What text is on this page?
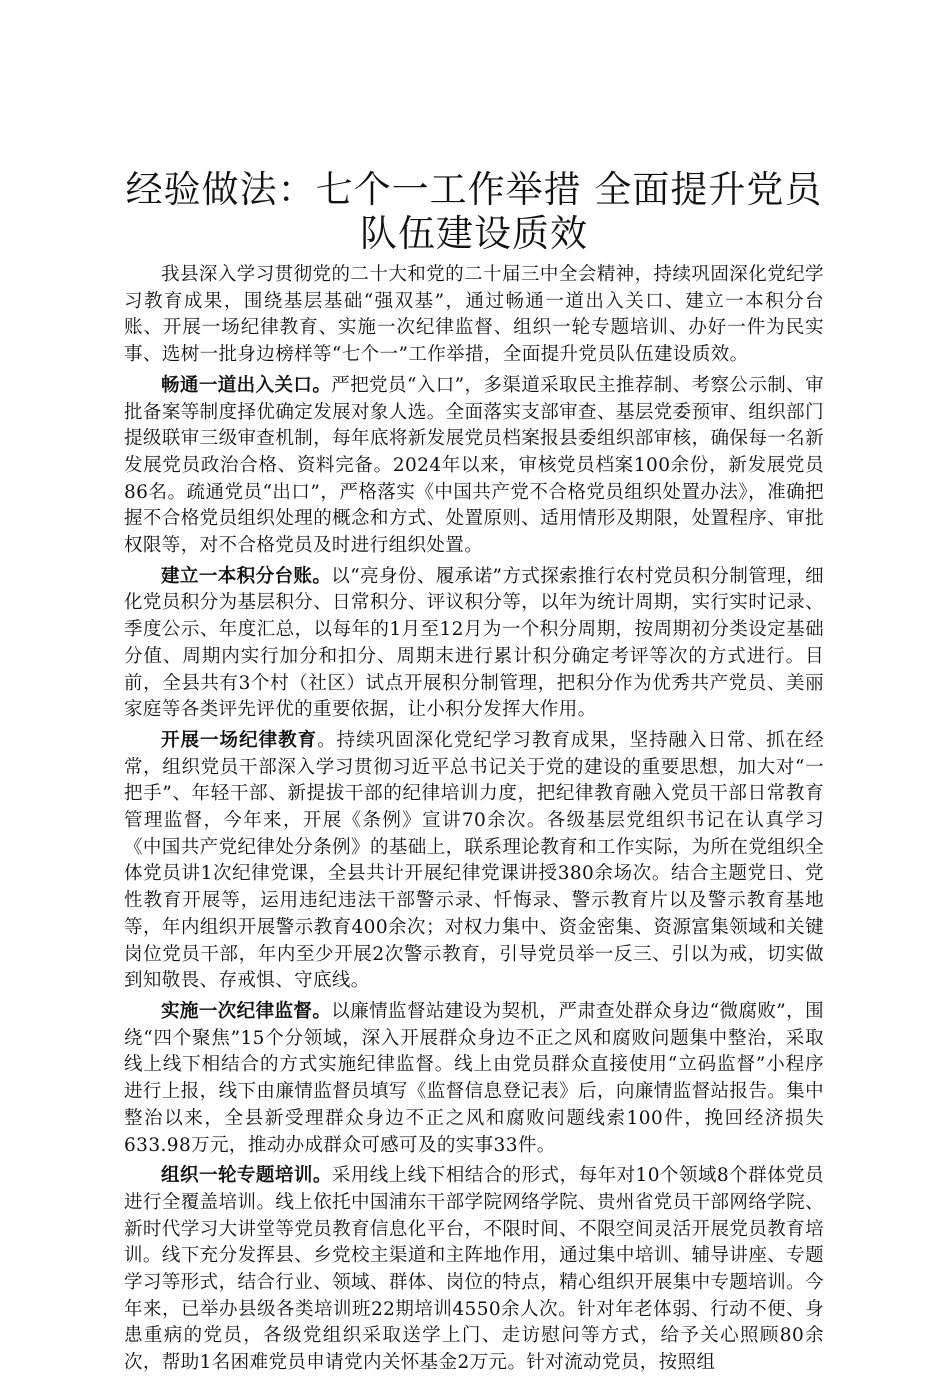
经验做法：七个一工作举措 全面提升党员队伍建设质效

我县深入学习贯彻党的二十大和党的二十届三中全会精神，持续巩固深化党纪学习教育成果，围绕基层基础“强双基”，通过畅通一道出入关口、建立一本积分台账、开展一场纪律教育、实施一次纪律监督、组织一轮专题培训、办好一件为民实事、选树一批身边榜样等“七个一”工作举措，全面提升党员队伍建设质效。

畅通一道出入关口。严把党员“入口”，多渠道采取民主推荐制、考察公示制、审批备案等制度择优确定发展对象人选。全面落实支部审查、基层党委预审、组织部门提级联审三级审查机制，每年底将新发展党员档案报县委组织部审核，确保每一名新发展党员政治合格、资料完备。2024年以来，审核党员档案100余份，新发展党员86名。疏通党员“出口”，严格落实《中国共产党不合格党员组织处置办法》，准确把握不合格党员组织处理的概念和方式、处置原则、适用情形及期限，处置程序、审批权限等，对不合格党员及时进行组织处置。

建立一本积分台账。以“亮身份、履承诺”方式探索推行农村党员积分制管理，细化党员积分为基层积分、日常积分、评议积分等，以年为统计周期，实行实时记录、季度公示、年度汇总，以每年的1月至12月为一个积分周期，按周期初分类设定基础分值、周期内实行加分和扣分、周期末进行累计积分确定考评等次的方式进行。目前，全县共有3个村（社区）试点开展积分制管理，把积分作为优秀共产党员、美丽家庭等各类评先评优的重要依据，让小积分发挥大作用。

开展一场纪律教育。持续巩固深化党纪学习教育成果，坚持融入日常、抓在经常，组织党员干部深入学习贯彻习近平总书记关于党的建设的重要思想，加大对“一把手”、年轻干部、新提拔干部的纪律培训力度，把纪律教育融入党员干部日常教育管理监督，今年来，开展《条例》宣讲70余次。各级基层党组织书记在认真学习《中国共产党纪律处分条例》的基础上，联系理论教育和工作实际，为所在党组织全体党员讲1次纪律党课，全县共计开展纪律党课讲授380余场次。结合主题党日、党性教育开展等，运用违纪违法干部警示录、忏悔录、警示教育片以及警示教育基地等，年内组织开展警示教育400余次；对权力集中、资金密集、资源富集领域和关键岗位党员干部，年内至少开展2次警示教育，引导党员举一反三、引以为戒，切实做到知敬畏、存戒惧、守底线。

实施一次纪律监督。以廉情监督站建设为契机，严肃查处群众身边“微腐败”，围绕“四个聚焦”15个分领域，深入开展群众身边不正之风和腐败问题集中整治，采取线上线下相结合的方式实施纪律监督。线上由党员群众直接使用“立码监督”小程序进行上报，线下由廉情监督员填写《监督信息登记表》后，向廉情监督站报告。集中整治以来，全县新受理群众身边不正之风和腐败问题线索100件，挽回经济损失633.98万元，推动办成群众可感可及的实事33件。

组织一轮专题培训。采用线上线下相结合的形式，每年对10个领域8个群体党员进行全覆盖培训。线上依托中国浦东干部学院网络学院、贵州省党员干部网络学院、新时代学习大讲堂等党员教育信息化平台，不限时间、不限空间灵活开展党员教育培训。线下充分发挥县、乡党校主渠道和主阵地作用，通过集中培训、辅导讲座、专题学习等形式，结合行业、领域、群体、岗位的特点，精心组织开展集中专题培训。今年来，已举办县级各类培训班22期培训4550余人次。针对年老体弱、行动不便、身患重病的党员，各级党组织采取送学上门、走访慰问等方式，给予关心照顾80余次，帮助1名困难党员申请党内关怀基金2万元。针对流动党员，按照组
